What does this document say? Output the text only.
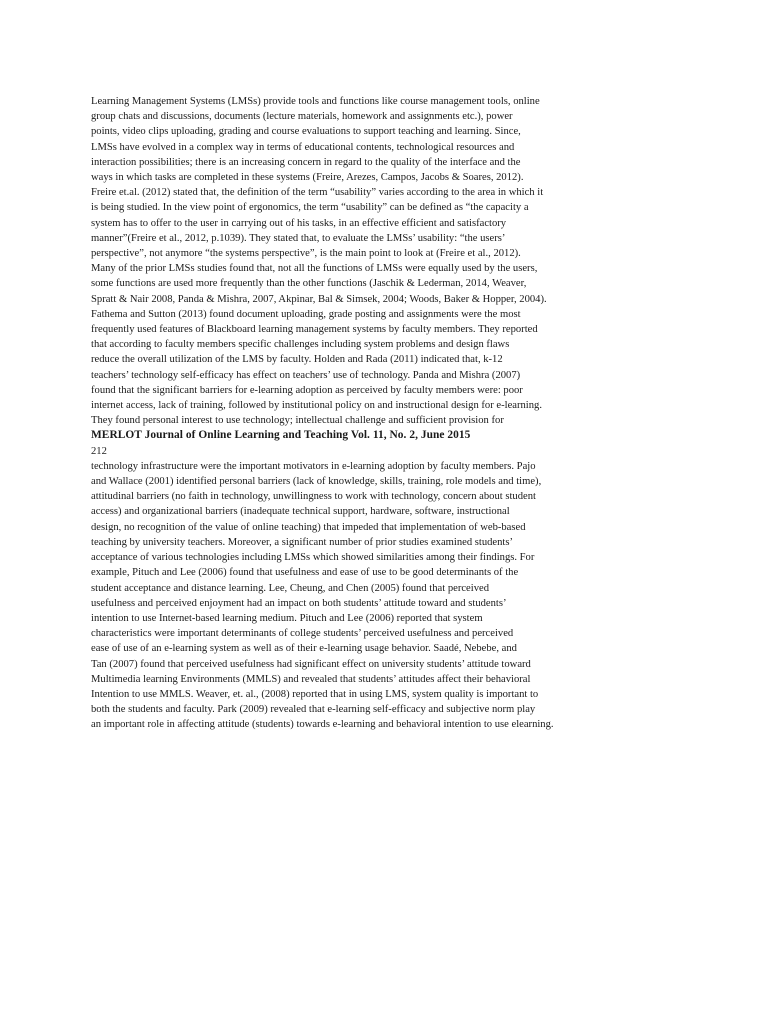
Learning Management Systems (LMSs) provide tools and functions like course management tools, online
group chats and discussions, documents (lecture materials, homework and assignments etc.), power
points, video clips uploading, grading and course evaluations to support teaching and learning. Since,
LMSs have evolved in a complex way in terms of educational contents, technological resources and
interaction possibilities; there is an increasing concern in regard to the quality of the interface and the
ways in which tasks are completed in these systems (Freire, Arezes, Campos, Jacobs & Soares, 2012).
Freire et.al. (2012) stated that, the definition of the term “usability” varies according to the area in which it
is being studied. In the view point of ergonomics, the term “usability” can be defined as “the capacity a
system has to offer to the user in carrying out of his tasks, in an effective efficient and satisfactory
manner”(Freire et al., 2012, p.1039). They stated that, to evaluate the LMSs’ usability: “the users’
perspective”, not anymore “the systems perspective”, is the main point to look at (Freire et al., 2012).
Many of the prior LMSs studies found that, not all the functions of LMSs were equally used by the users,
some functions are used more frequently than the other functions (Jaschik & Lederman, 2014, Weaver,
Spratt & Nair 2008, Panda & Mishra, 2007, Akpinar, Bal & Simsek, 2004; Woods, Baker & Hopper, 2004).
Fathema and Sutton (2013) found document uploading, grade posting and assignments were the most
frequently used features of Blackboard learning management systems by faculty members. They reported
that according to faculty members specific challenges including system problems and design flaws
reduce the overall utilization of the LMS by faculty. Holden and Rada (2011) indicated that, k-12
teachers’ technology self-efficacy has effect on teachers’ use of technology. Panda and Mishra (2007)
found that the significant barriers for e-learning adoption as perceived by faculty members were: poor
internet access, lack of training, followed by institutional policy on and instructional design for e-learning.
They found personal interest to use technology; intellectual challenge and sufficient provision for
MERLOT Journal of Online Learning and Teaching Vol. 11, No. 2, June 2015
212
technology infrastructure were the important motivators in e-learning adoption by faculty members. Pajo
and Wallace (2001) identified personal barriers (lack of knowledge, skills, training, role models and time),
attitudinal barriers (no faith in technology, unwillingness to work with technology, concern about student
access) and organizational barriers (inadequate technical support, hardware, software, instructional
design, no recognition of the value of online teaching) that impeded that implementation of web-based
teaching by university teachers. Moreover, a significant number of prior studies examined students’
acceptance of various technologies including LMSs which showed similarities among their findings. For
example, Pituch and Lee (2006) found that usefulness and ease of use to be good determinants of the
student acceptance and distance learning. Lee, Cheung, and Chen (2005) found that perceived
usefulness and perceived enjoyment had an impact on both students’ attitude toward and students’
intention to use Internet-based learning medium. Pituch and Lee (2006) reported that system
characteristics were important determinants of college students’ perceived usefulness and perceived
ease of use of an e-learning system as well as of their e-learning usage behavior. Saadé, Nebebe, and
Tan (2007) found that perceived usefulness had significant effect on university students’ attitude toward
Multimedia learning Environments (MMLS) and revealed that students’ attitudes affect their behavioral
Intention to use MMLS. Weaver, et. al., (2008) reported that in using LMS, system quality is important to
both the students and faculty. Park (2009) revealed that e-learning self-efficacy and subjective norm play
an important role in affecting attitude (students) towards e-learning and behavioral intention to use elearning.
